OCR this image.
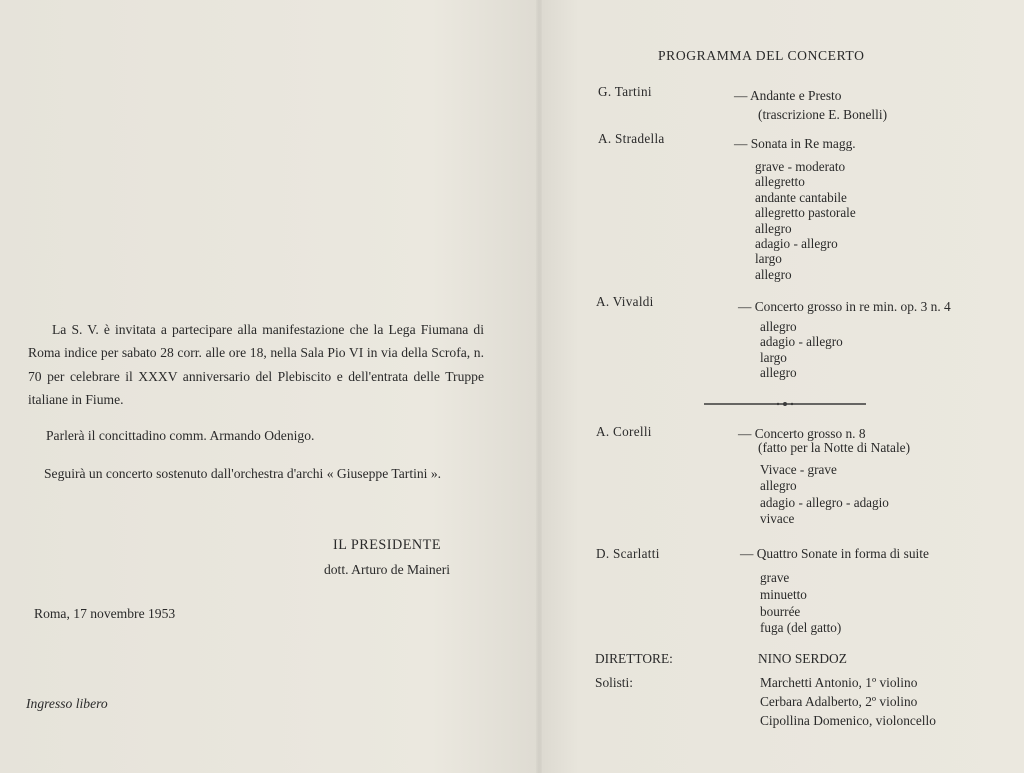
La S. V. è invitata a partecipare alla manifestazione che la Lega Fiumana di Roma indice per sabato 28 corr. alle ore 18, nella Sala Pio VI in via della Scrofa, n. 70 per celebrare il XXXV anniversario del Plebiscito e dell'entrata delle Truppe italiane in Fiume.

Parlerà il concittadino comm. Armando Odenigo.
Seguirà un concerto sostenuto dall'orchestra d'archi « Giuseppe Tartini ».
IL PRESIDENTE
dott. Arturo de Maineri
Roma, 17 novembre 1953
Ingresso libero
PROGRAMMA DEL CONCERTO
G. Tartini	— Andante e Presto
(trascrizione E. Bonelli)
A. Stradella	— Sonata in Re magg.
grave - moderato
allegretto
andante cantabile
allegretto pastorale
allegro
adagio - allegro
largo
allegro
A. Vivaldi	— Concerto grosso in re min. op. 3 n. 4
allegro
adagio - allegro
largo
allegro
A. Corelli	— Concerto grosso n. 8
(fatto per la Notte di Natale)
Vivace - grave
allegro
adagio - allegro - adagio
vivace
D. Scarlatti	— Quattro Sonate in forma di suite
grave
minuetto
bourrée
fuga (del gatto)
DIRETTORE:	NINO SERDOZ
Solisti:	Marchetti Antonio, 1º violino
Cerbara Adalberto, 2º violino
Cipollina Domenico, violoncello
